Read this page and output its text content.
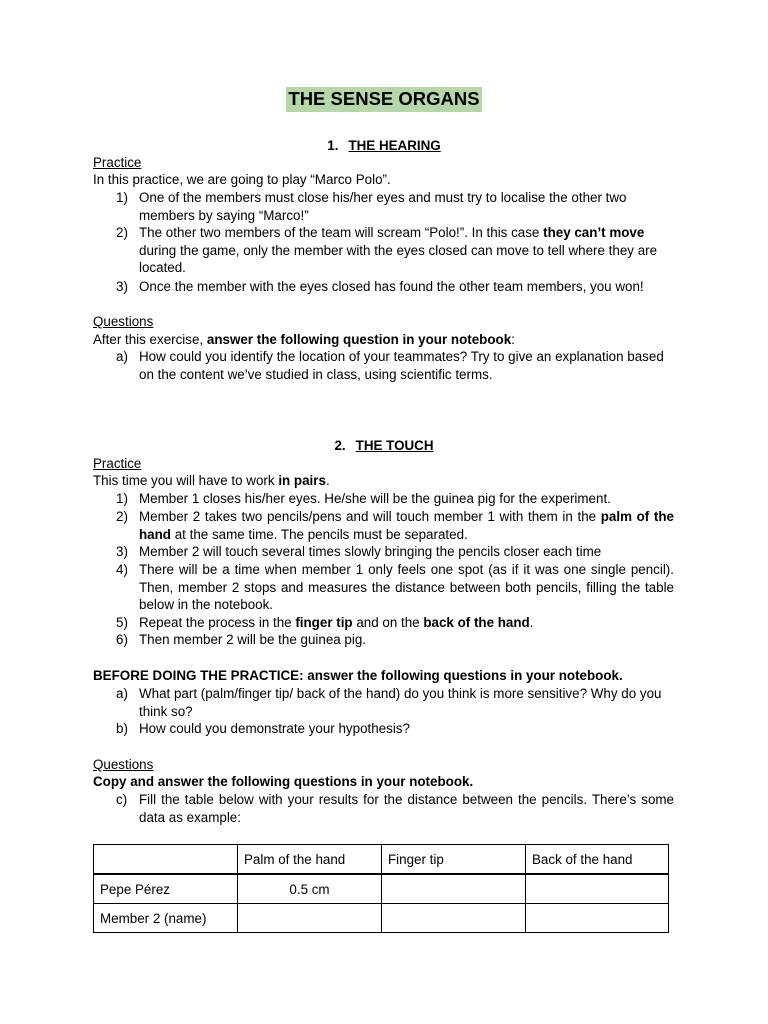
THE SENSE ORGANS
1. THE HEARING
Practice
In this practice, we are going to play “Marco Polo”.
1) One of the members must close his/her eyes and must try to localise the other two members by saying “Marco!”
2) The other two members of the team will scream “Polo!”. In this case they can’t move during the game, only the member with the eyes closed can move to tell where they are located.
3) Once the member with the eyes closed has found the other team members, you won!
Questions
After this exercise, answer the following question in your notebook:
a) How could you identify the location of your teammates? Try to give an explanation based on the content we’ve studied in class, using scientific terms.
2. THE TOUCH
Practice
This time you will have to work in pairs.
1) Member 1 closes his/her eyes. He/she will be the guinea pig for the experiment.
2) Member 2 takes two pencils/pens and will touch member 1 with them in the palm of the hand at the same time. The pencils must be separated.
3) Member 2 will touch several times slowly bringing the pencils closer each time
4) There will be a time when member 1 only feels one spot (as if it was one single pencil). Then, member 2 stops and measures the distance between both pencils, filling the table below in the notebook.
5) Repeat the process in the finger tip and on the back of the hand.
6) Then member 2 will be the guinea pig.
BEFORE DOING THE PRACTICE: answer the following questions in your notebook.
a) What part (palm/finger tip/ back of the hand) do you think is more sensitive? Why do you think so?
b) How could you demonstrate your hypothesis?
Questions
Copy and answer the following questions in your notebook.
c) Fill the table below with your results for the distance between the pencils. There’s some data as example:
	Palm of the hand	Finger tip	Back of the hand
Pepe Pérez	0.5 cm		
Member 2 (name)			
